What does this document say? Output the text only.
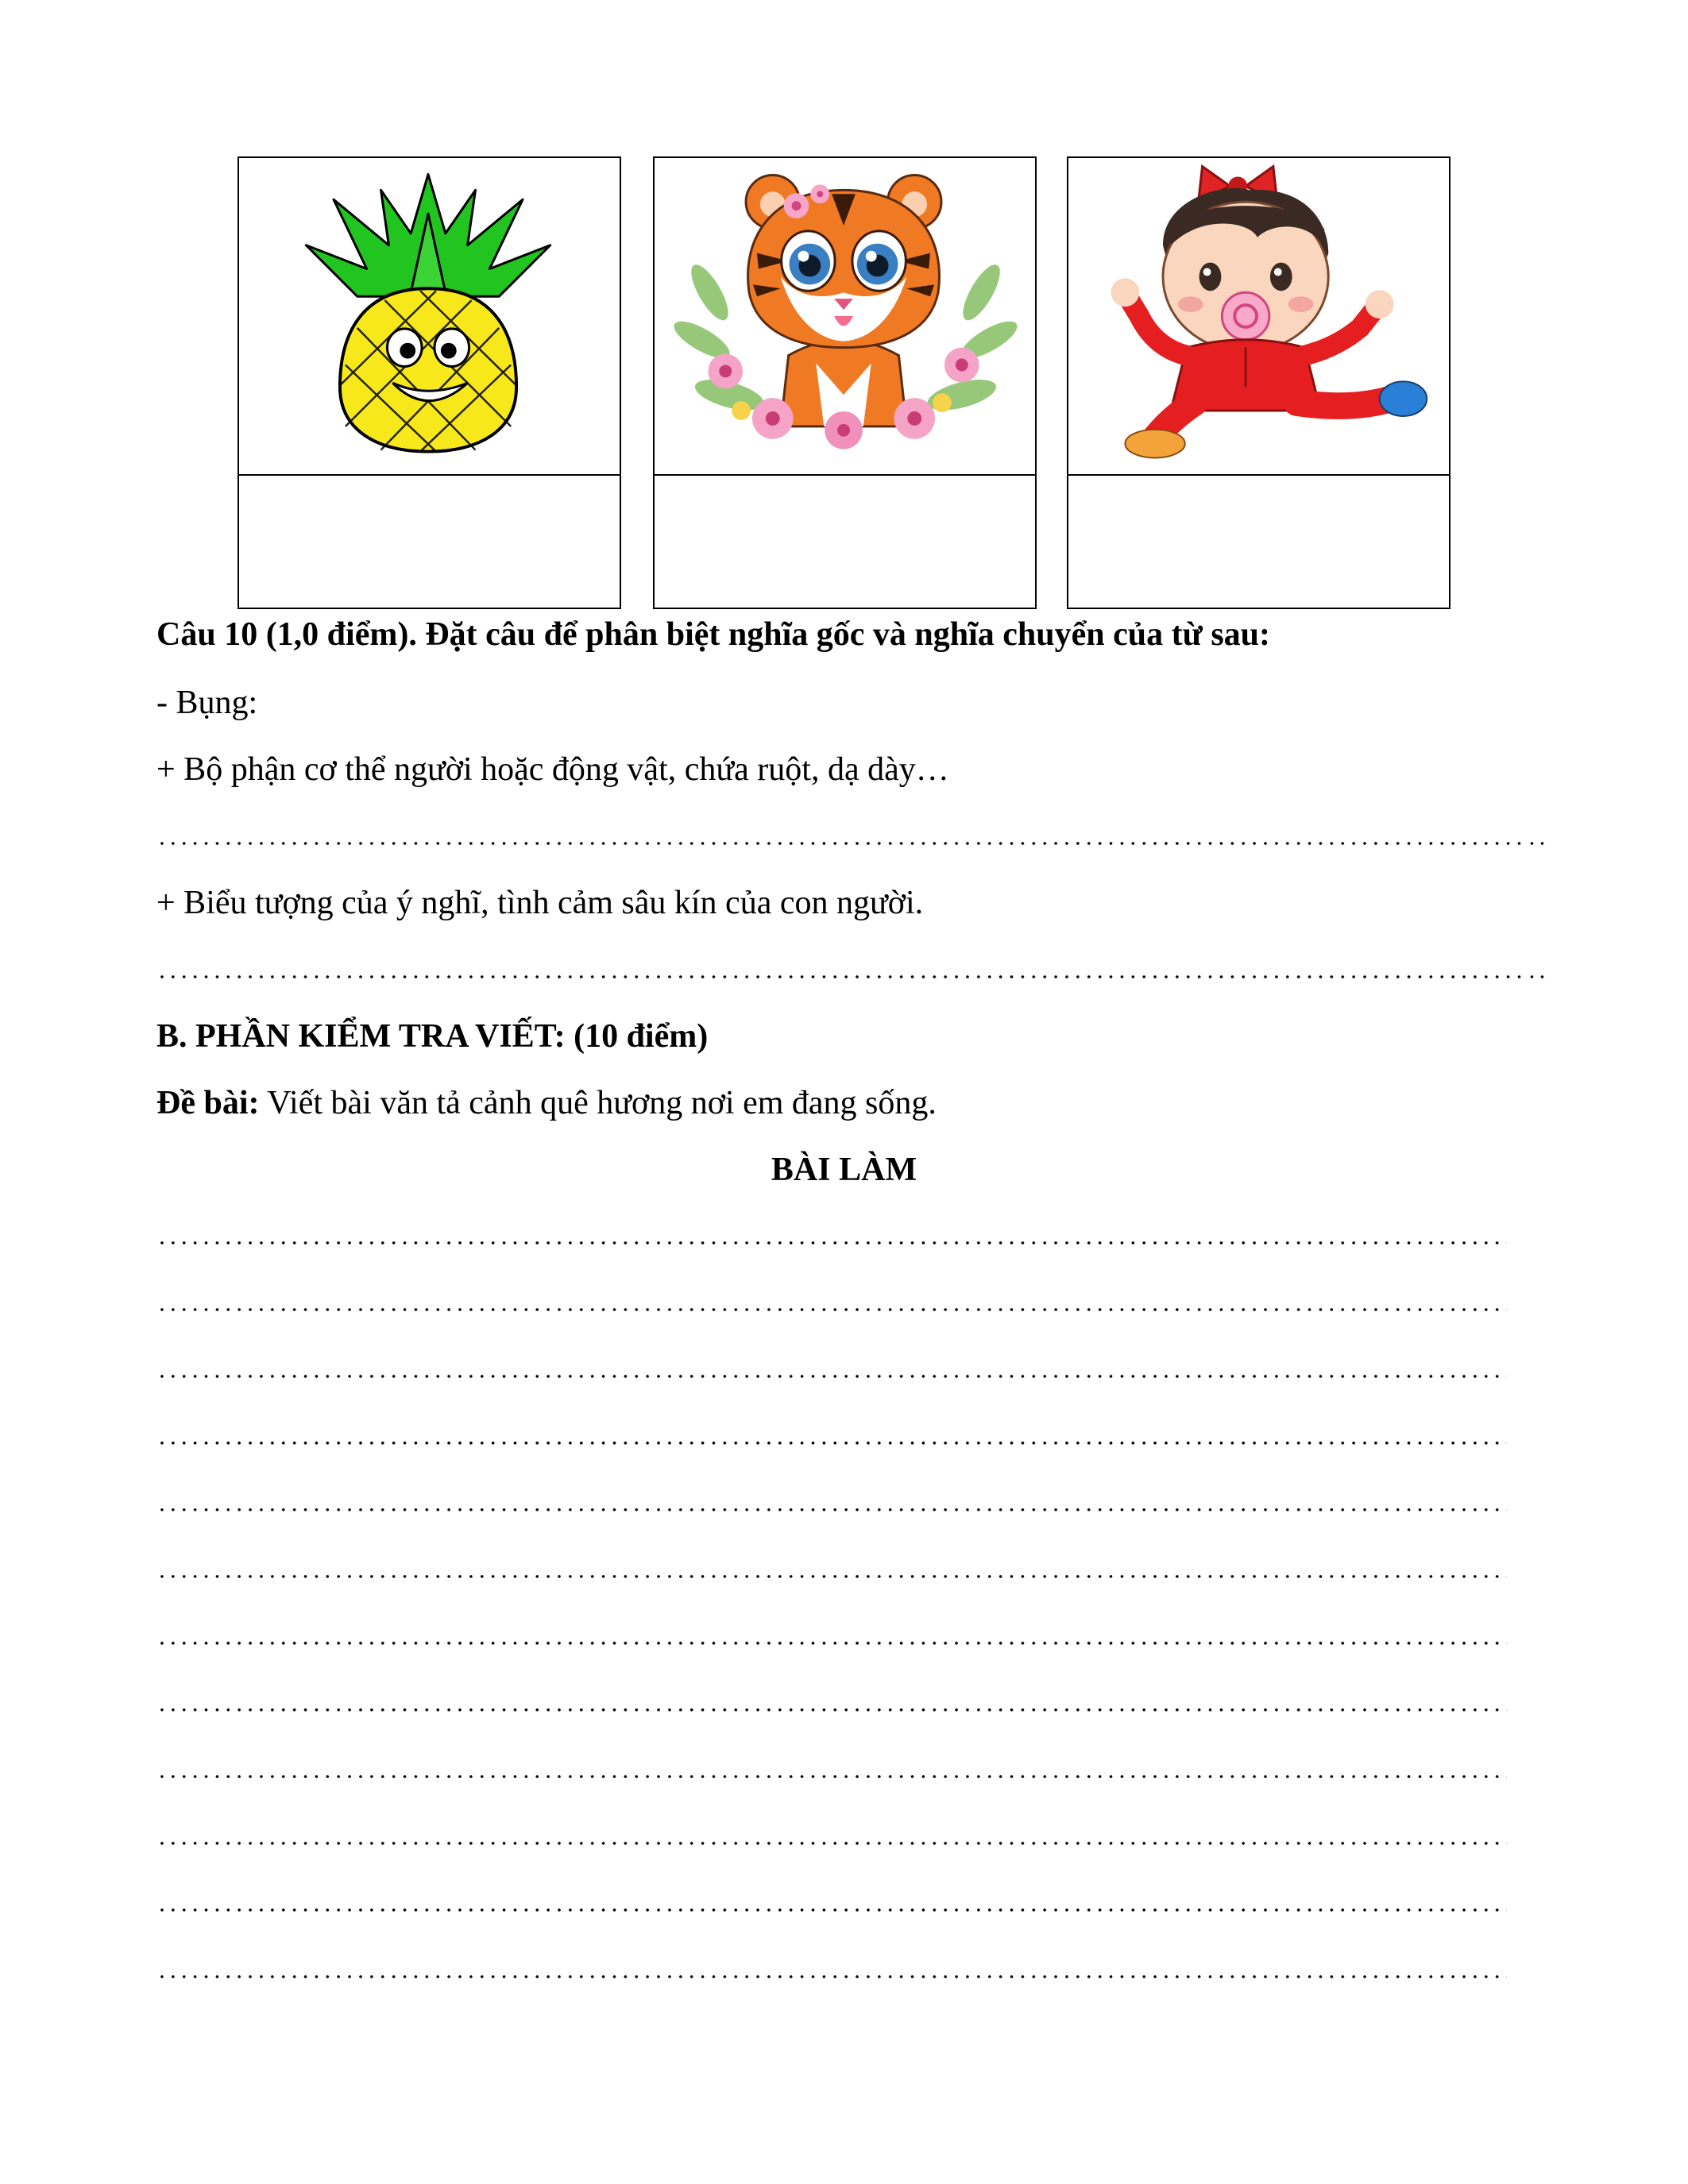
Câu 10 (1,0 điểm). Đặt câu để phân biệt nghĩa gốc và nghĩa chuyển của từ sau:
- Bụng:
+ Bộ phận cơ thể người hoặc động vật, chứa ruột, dạ dày…
+ Biểu tượng của ý nghĩ, tình cảm sâu kín của con người.
B. PHẦN KIỂM TRA VIẾT: (10 điểm)
Đề bài: Viết bài văn tả cảnh quê hương nơi em đang sống.
BÀI LÀM
